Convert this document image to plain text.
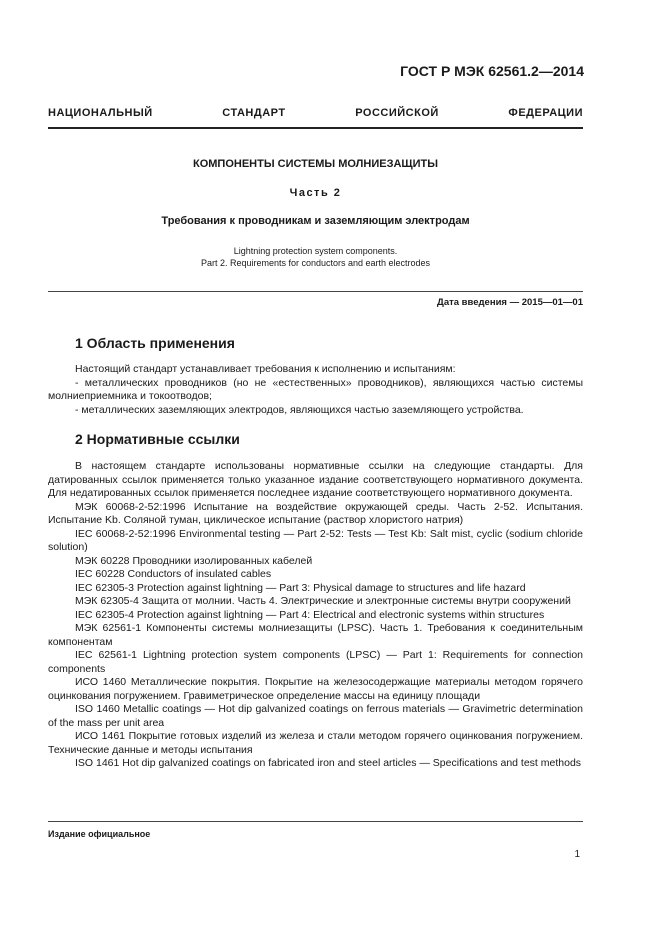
ГОСТ Р МЭК 62561.2—2014
НАЦИОНАЛЬНЫЙ СТАНДАРТ РОССИЙСКОЙ ФЕДЕРАЦИИ
КОМПОНЕНТЫ СИСТЕМЫ МОЛНИЕЗАЩИТЫ
Часть 2
Требования к проводникам и заземляющим электродам
Lightning protection system components.
Part 2. Requirements for conductors and earth electrodes
Дата введения — 2015—01—01
1 Область применения

Настоящий стандарт устанавливает требования к исполнению и испытаниям:

- металлических проводников (но не «естественных» проводников), являющихся частью системы молниеприемника и токоотводов;

- металлических заземляющих электродов, являющихся частью заземляющего устройства.

2 Нормативные ссылки

В настоящем стандарте использованы нормативные ссылки на следующие стандарты. Для датированных ссылок применяется только указанное издание соответствующего нормативного документа. Для недатированных ссылок применяется последнее издание соответствующего нормативного документа.

МЭК 60068-2-52:1996 Испытание на воздействие окружающей среды. Часть 2-52. Испытания. Испытание Kb. Соляной туман, циклическое испытание (раствор хлористого натрия)

IEC 60068-2-52:1996 Environmental testing — Part 2-52: Tests — Test Kb: Salt mist, cyclic (sodium chloride solution)

МЭК 60228 Проводники изолированных кабелей

IEC 60228 Conductors of insulated cables

IEC 62305-3 Protection against lightning — Part 3: Physical damage to structures and life hazard

МЭК 62305-4 Защита от молнии. Часть 4. Электрические и электронные системы внутри сооружений

IEC 62305-4 Protection against lightning — Part 4: Electrical and electronic systems within structures

МЭК 62561-1 Компоненты системы молниезащиты (LPSC). Часть 1. Требования к соединительным компонентам

IEC 62561-1 Lightning protection system components (LPSC) — Part 1: Requirements for connection components

ИСО 1460 Металлические покрытия. Покрытие на железосодержащие материалы методом горячего оцинкования погружением. Гравиметрическое определение массы на единицу площади

ISO 1460 Metallic coatings — Hot dip galvanized coatings on ferrous materials — Gravimetric determination of the mass per unit area

ИСО 1461 Покрытие готовых изделий из железа и стали методом горячего оцинкования погружением. Технические данные и методы испытания

ISO 1461 Hot dip galvanized coatings on fabricated iron and steel articles — Specifications and test methods

Издание официальное
1
